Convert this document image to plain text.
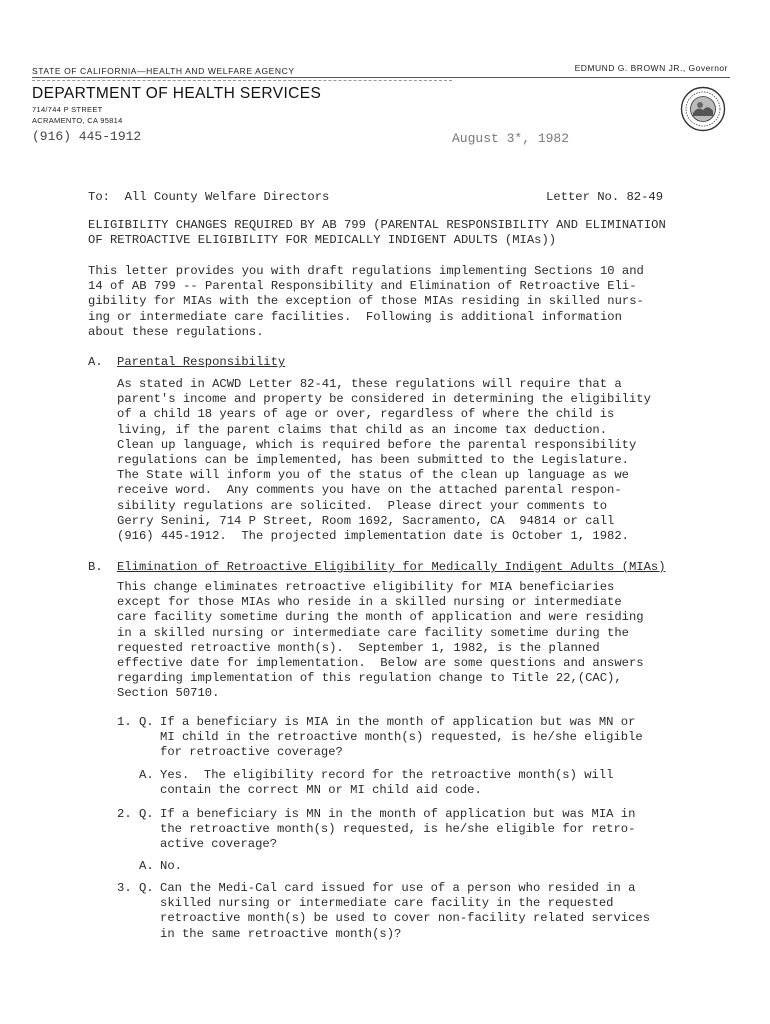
STATE OF CALIFORNIA—HEALTH AND WELFARE AGENCY	EDMUND G. BROWN JR., Governor
DEPARTMENT OF HEALTH SERVICES
714/744 P STREET
ACRAMENTO, CA 95814
(916) 445-1912	August 3*, 1982
To:  All County Welfare Directors	Letter No. 82-49
ELIGIBILITY CHANGES REQUIRED BY AB 799 (PARENTAL RESPONSIBILITY AND ELIMINATION
OF RETROACTIVE ELIGIBILITY FOR MEDICALLY INDIGENT ADULTS (MIAs))
This letter provides you with draft regulations implementing Sections 10 and
14 of AB 799 -- Parental Responsibility and Elimination of Retroactive Eli-
gibility for MIAs with the exception of those MIAs residing in skilled nurs-
ing or intermediate care facilities.  Following is additional information
about these regulations.
A. Parental Responsibility
As stated in ACWD Letter 82-41, these regulations will require that a
parent's income and property be considered in determining the eligibility
of a child 18 years of age or over, regardless of where the child is
living, if the parent claims that child as an income tax deduction.
Clean up language, which is required before the parental responsibility
regulations can be implemented, has been submitted to the Legislature.
The State will inform you of the status of the clean up language as we
receive word.  Any comments you have on the attached parental respon-
sibility regulations are solicited.  Please direct your comments to
Gerry Senini, 714 P Street, Room 1692, Sacramento, CA  94814 or call
(916) 445-1912.  The projected implementation date is October 1, 1982.
B. Elimination of Retroactive Eligibility for Medically Indigent Adults (MIAs)
This change eliminates retroactive eligibility for MIA beneficiaries
except for those MIAs who reside in a skilled nursing or intermediate
care facility sometime during the month of application and were residing
in a skilled nursing or intermediate care facility sometime during the
requested retroactive month(s).  September 1, 1982, is the planned
effective date for implementation.  Below are some questions and answers
regarding implementation of this regulation change to Title 22,(CAC),
Section 50710.
1. Q. If a beneficiary is MIA in the month of application but was MN or
MI child in the retroactive month(s) requested, is he/she eligible
for retroactive coverage?
A. Yes.  The eligibility record for the retroactive month(s) will
contain the correct MN or MI child aid code.
2. Q. If a beneficiary is MN in the month of application but was MIA in
the retroactive month(s) requested, is he/she eligible for retro-
active coverage?
A. No.
3. Q. Can the Medi-Cal card issued for use of a person who resided in a
skilled nursing or intermediate care facility in the requested
retroactive month(s) be used to cover non-facility related services
in the same retroactive month(s)?
